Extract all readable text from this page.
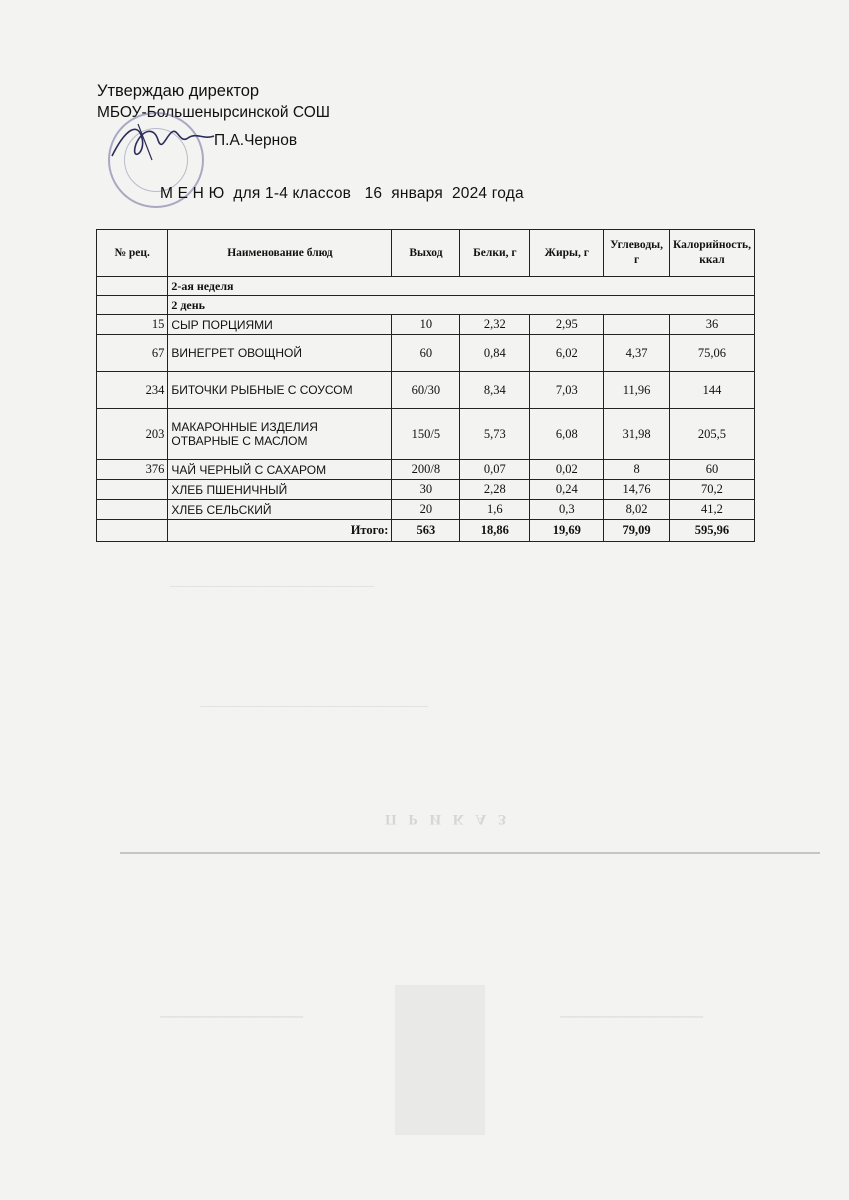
П Р И К А З
———————————————————
—————————————————
———————————	———————————
Утверждаю директор
МБОУ-Большенырсинской СОШ
П.А.Чернов
М Е Н Ю  для 1-4 классов   16  января  2024 года
№ рец.	Наименование блюд	Выход	Белки, г	Жиры, г	Углеводы, г	Калорийность, ккал
	2-ая неделя					
	2 день					
15	СЫР ПОРЦИЯМИ	10	2,32	2,95		36
67	ВИНЕГРЕТ ОВОЩНОЙ	60	0,84	6,02	4,37	75,06
234	БИТОЧКИ РЫБНЫЕ С СОУСОМ	60/30	8,34	7,03	11,96	144
203	МАКАРОННЫЕ ИЗДЕЛИЯ ОТВАРНЫЕ С МАСЛОМ	150/5	5,73	6,08	31,98	205,5
376	ЧАЙ ЧЕРНЫЙ С САХАРОМ	200/8	0,07	0,02	8	60
	ХЛЕБ ПШЕНИЧНЫЙ	30	2,28	0,24	14,76	70,2
	ХЛЕБ СЕЛЬСКИЙ	20	1,6	0,3	8,02	41,2
	Итого:	563	18,86	19,69	79,09	595,96
